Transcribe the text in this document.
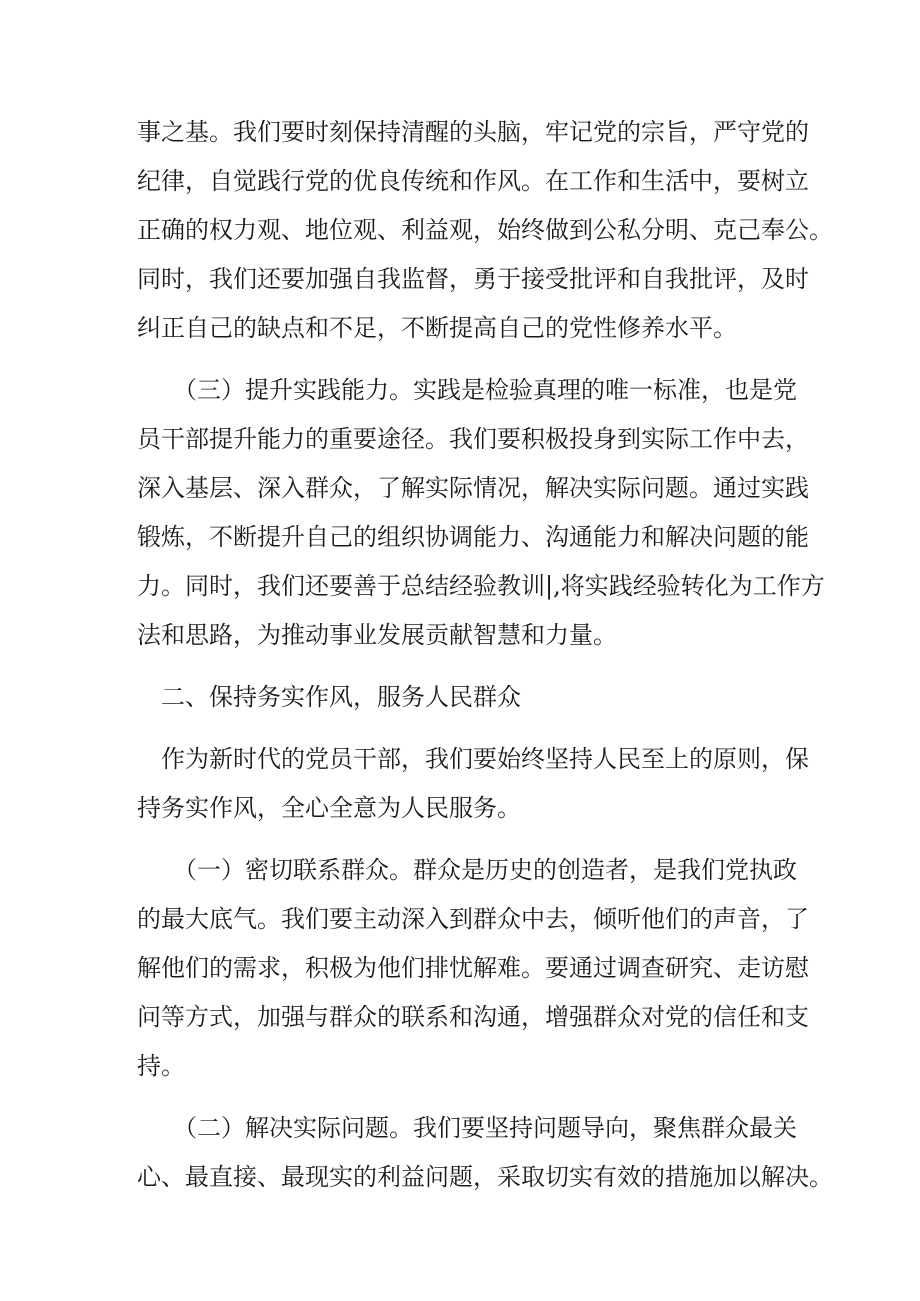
事之基。我们要时刻保持清醒的头脑，牢记党的宗旨，严守党的
纪律，自觉践行党的优良传统和作风。在工作和生活中，要树立
正确的权力观、地位观、利益观，始终做到公私分明、克己奉公。
同时，我们还要加强自我监督，勇于接受批评和自我批评，及时
纠正自己的缺点和不足，不断提高自己的党性修养水平。
　　（三）提升实践能力。实践是检验真理的唯一标准，也是党
员干部提升能力的重要途径。我们要积极投身到实际工作中去，
深入基层、深入群众，了解实际情况，解决实际问题。通过实践
锻炼，不断提升自己的组织协调能力、沟通能力和解决问题的能
力。同时，我们还要善于总结经验教训|,将实践经验转化为工作方
法和思路，为推动事业发展贡献智慧和力量。
　二、保持务实作风，服务人民群众
　作为新时代的党员干部，我们要始终坚持人民至上的原则，保
持务实作风，全心全意为人民服务。
　　（一）密切联系群众。群众是历史的创造者，是我们党执政
的最大底气。我们要主动深入到群众中去，倾听他们的声音，了
解他们的需求，积极为他们排忧解难。要通过调查研究、走访慰
问等方式，加强与群众的联系和沟通，增强群众对党的信任和支
持。
　　（二）解决实际问题。我们要坚持问题导向，聚焦群众最关
心、最直接、最现实的利益问题，采取切实有效的措施加以解决。
